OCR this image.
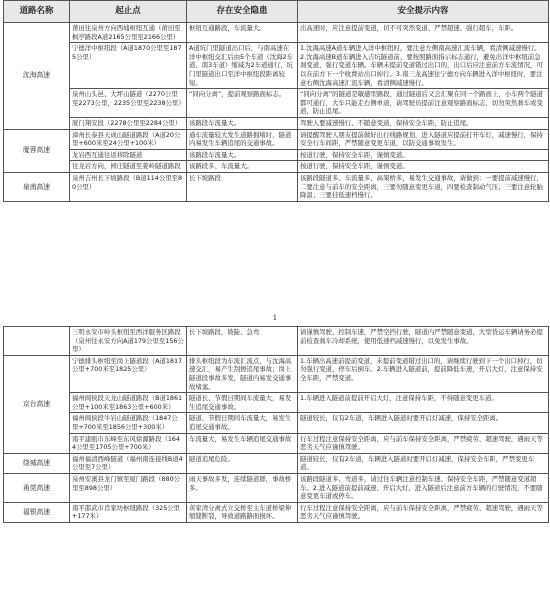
道路名称	起止点	存在安全隐患	安全提示内容
沈海高速	莆田往泉州方向西埔枢纽互通（莆田至枫亭路段A道2165公里至2166公里）	枢纽互通路段，车流量大。	出高速时，应注意提前变道，切不可突然变道、严禁超速、强行超车，车距。
	宁德洋中枢纽段（A道1870公里至1875公里）	A道坑门里隧道出口后，与南高速在洋中枢纽交汇后由5个车道（沈海2车道、南3车道）缩减为2车道通行，坑门里隧道出口至洋中枢纽段距离较短。	1.沈海高速A道车辆进入洋中枢纽时，要注意左侧南高速汇流车辆，看清侧减速慢行。2.沈海高速B道车辆进入吉坑隧道前，要按照路面指示标志通行，避免出洋中枢纽前急刹变道，强行变道车辆。车辆未提前变道错过出口的，出口后应注意前方车流情况，可以在前方下一个收费站出口掉行。3.南三龙高速往宁德方向车辆进入洋中枢纽时，要注意右侧沈海高速汇流车辆，看清侧减速慢行。
	泉州山头邑、大坪山隧道（2270公里至2273公里，2235公里至2238公里）	“同向分离”，提前观察路面标志。	“同向分离”的隧道是敏感型路段，通过隧道后又会汇聚在同一个路面上，小车两个隧道都可通行，大车只能走右侧单道，请驾驶员提前注意观察路面标志，切勿突然刹车或变道，防止追尾。
	厦门翔安段（2278公里至2284公里）	该路段车流量大。	驾驶人要减速慢行、不随意变道，保持安全车距，防止追尾。
厦蓉高速	漳州长泰县天成山隧道路段（A道20公里+600米至24公里+100米）	通车流量较大发生道路拥堵时，隧道内易发生车辆追尾的交通事故。	请提醒驾驶人朋友提前做好出行线路规划，进入隧道应提前打开车灯，减速慢行，保持安全行车间距，严禁随意变更车道，以防交通事故发生。
	龙岩西互通往返移除隧道	该路段车流量大。	按道行驶，保持安全车距，谨慎变道。
	往龙岩方向，园庄隧道至姜岭隧道路段	该路段多、车流量大。	按道行驶，保持安全车距，谨慎变道。
泉南高速	泉州吉州长下坡路段（B道114公里至80公里）	长下坡路段	该路段隧道多、车流量多、高架桥多，易发生交通事故，请做到：一要提前减速慢行，二要注意与前车的安全距离，三要勿随意变更车道，四要检查制动气压；三要注意轮胎降温；三要挂低速档慢行。
1
	三明永安市岭头枢纽至西洋服务区路段（泉州往永安方向A道179公里至156公里）	长下坡路段，坡陡、急弯	请谨慎驾驶，控制车速，严禁空挡行驶，隧道内严禁随意变道，大型货运车辆请务必提前检查刹车冷却系统，使用低速档减速慢行，以免发生事故。
京台高速	宁德排头枢纽至岗上隧道段（A道1817公里+700米至1825公里）	排头枢纽段为车流汇流点，与沈海高速交汇，易产生刮擦追尾事故；岗上隧道段事故多发，隧道内易发交通事故堵塞。	1.车辆出高速前提前变道，未提前变道错过出口的，请继续行驶到下一个出口掉行，切勿强行变道，停车后倒车。2.车辆进入隧道前，提前降低车速，开启大灯，注意保持安全车距，严禁变道。
	福州闽侯段天龙山隧道路段（B道1861公里+100米至1863公里+600米）	隧道长、节假日期间车流量大，易发生追尾交通事故。	1.车辆进入隧道前提前开启大灯，注意保持车距，不得随意变更车道。
	福州闽侯段牛岩山隧道路段（1847公里+700米至1856公里+300米）	隧道、节假日期间车流量大，易发生追尾交通事故。	隧道较长，仅有2车道，车辆进入隧道时要开启灯减速，保持安全距离。
	南平建瓯市东峰至东风徐源路段（1644公里至1705公里+700米）	车流量大，易发生车辆追尾交通事故	行车过程注意保持安全距离，应与前车保持安全距离，严禁疲劳、超速驾驶，遇雨天等恶劣天气应谨慎驾驶。
绕城高速	福州福清西峰隧道（福州南连接线B道4公里至7公里）	隧道追尾危险。	隧道较长，仅有2车道，车辆进入隧道时要开启灯减速，保持安全车距，严禁变更车道。
甬莞高速	泉州安溪县龙门镇至厦门路段（880公里至898公里）	雨天事故多发，连续隧道群，事故桥多。	该路段隧道多、弯道多，请过往车辆注意控制车速、保持安全车距，严禁随意变道超车。2.进入隧道前提前减速、开启大灯，进入隧道后注意前方车辆的行驶情况，不要随意变更车道或停车。
福银高速	南平邵武市肖家坊枢纽路段（325公里+177米）	黄家湾分离式立交桥至主车道桥梁伸缩缝断裂，导致道路路面损坏。	行车过程注意保持安全距离，应与前车保持安全距离，严禁疲劳、超速驾驶，遇雨天等恶劣天气应谨慎驾驶。
